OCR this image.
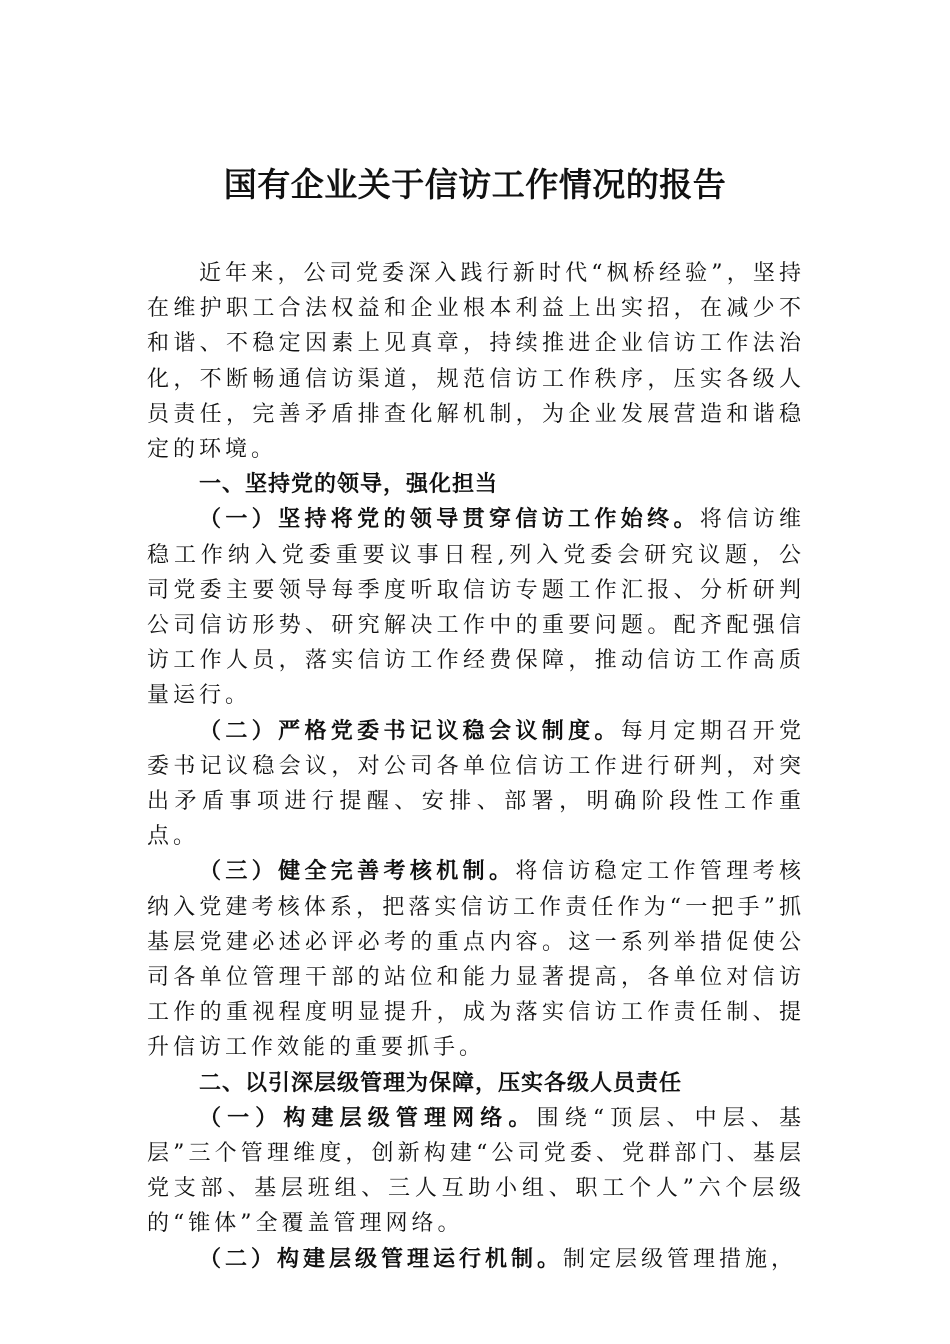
国有企业关于信访工作情况的报告

近年来，公司党委深入践行新时代“枫桥经验”，坚持在维护职工合法权益和企业根本利益上出实招，在减少不和谐、不稳定因素上见真章，持续推进企业信访工作法治化，不断畅通信访渠道，规范信访工作秩序，压实各级人员责任，完善矛盾排查化解机制，为企业发展营造和谐稳定的环境。

一、坚持党的领导，强化担当

（一）坚持将党的领导贯穿信访工作始终。将信访维稳工作纳入党委重要议事日程,列入党委会研究议题，公司党委主要领导每季度听取信访专题工作汇报、分析研判公司信访形势、研究解决工作中的重要问题。配齐配强信访工作人员，落实信访工作经费保障，推动信访工作高质量运行。

（二）严格党委书记议稳会议制度。每月定期召开党委书记议稳会议，对公司各单位信访工作进行研判，对突出矛盾事项进行提醒、安排、部署，明确阶段性工作重点。

（三）健全完善考核机制。将信访稳定工作管理考核纳入党建考核体系，把落实信访工作责任作为“一把手”抓基层党建必述必评必考的重点内容。这一系列举措促使公司各单位管理干部的站位和能力显著提高，各单位对信访工作的重视程度明显提升，成为落实信访工作责任制、提升信访工作效能的重要抓手。

二、以引深层级管理为保障，压实各级人员责任

（一）构建层级管理网络。围绕“顶层、中层、基层”三个管理维度，创新构建“公司党委、党群部门、基层党支部、基层班组、三人互助小组、职工个人”六个层级的“锥体”全覆盖管理网络。

（二）构建层级管理运行机制。制定层级管理措施，
